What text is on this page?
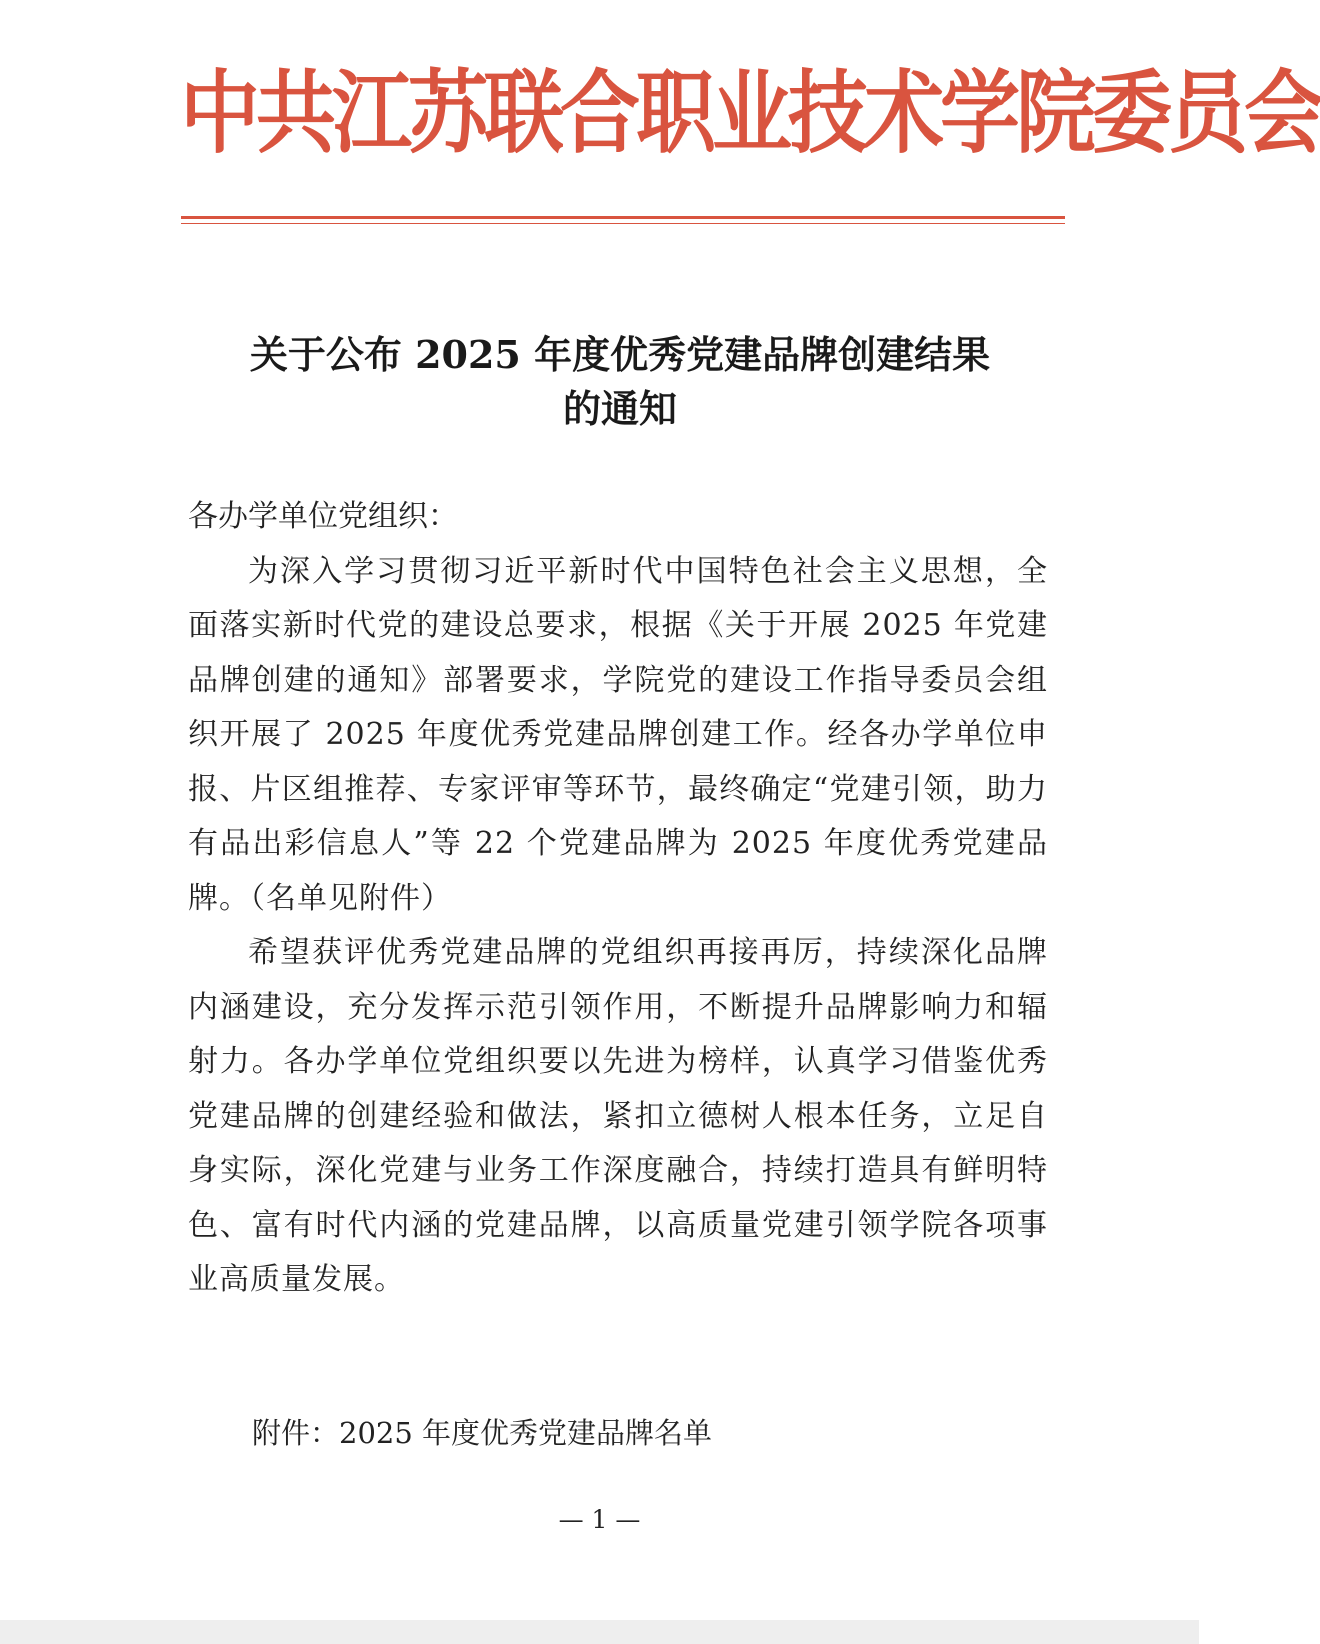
中共江苏联合职业技术学院委员会
关于公布 2025 年度优秀党建品牌创建结果
的通知

各办学单位党组织：

为深入学习贯彻习近平新时代中国特色社会主义思想，全面落实新时代党的建设总要求，根据《关于开展 2025 年党建品牌创建的通知》部署要求，学院党的建设工作指导委员会组织开展了 2025 年度优秀党建品牌创建工作。经各办学单位申报、片区组推荐、专家评审等环节，最终确定“党建引领，助力有品出彩信息人”等 22 个党建品牌为 2025 年度优秀党建品牌。（名单见附件）

希望获评优秀党建品牌的党组织再接再厉，持续深化品牌内涵建设，充分发挥示范引领作用，不断提升品牌影响力和辐射力。各办学单位党组织要以先进为榜样，认真学习借鉴优秀党建品牌的创建经验和做法，紧扣立德树人根本任务，立足自身实际，深化党建与业务工作深度融合，持续打造具有鲜明特色、富有时代内涵的党建品牌，以高质量党建引领学院各项事业高质量发展。

附件：2025 年度优秀党建品牌名单
— 1 —
